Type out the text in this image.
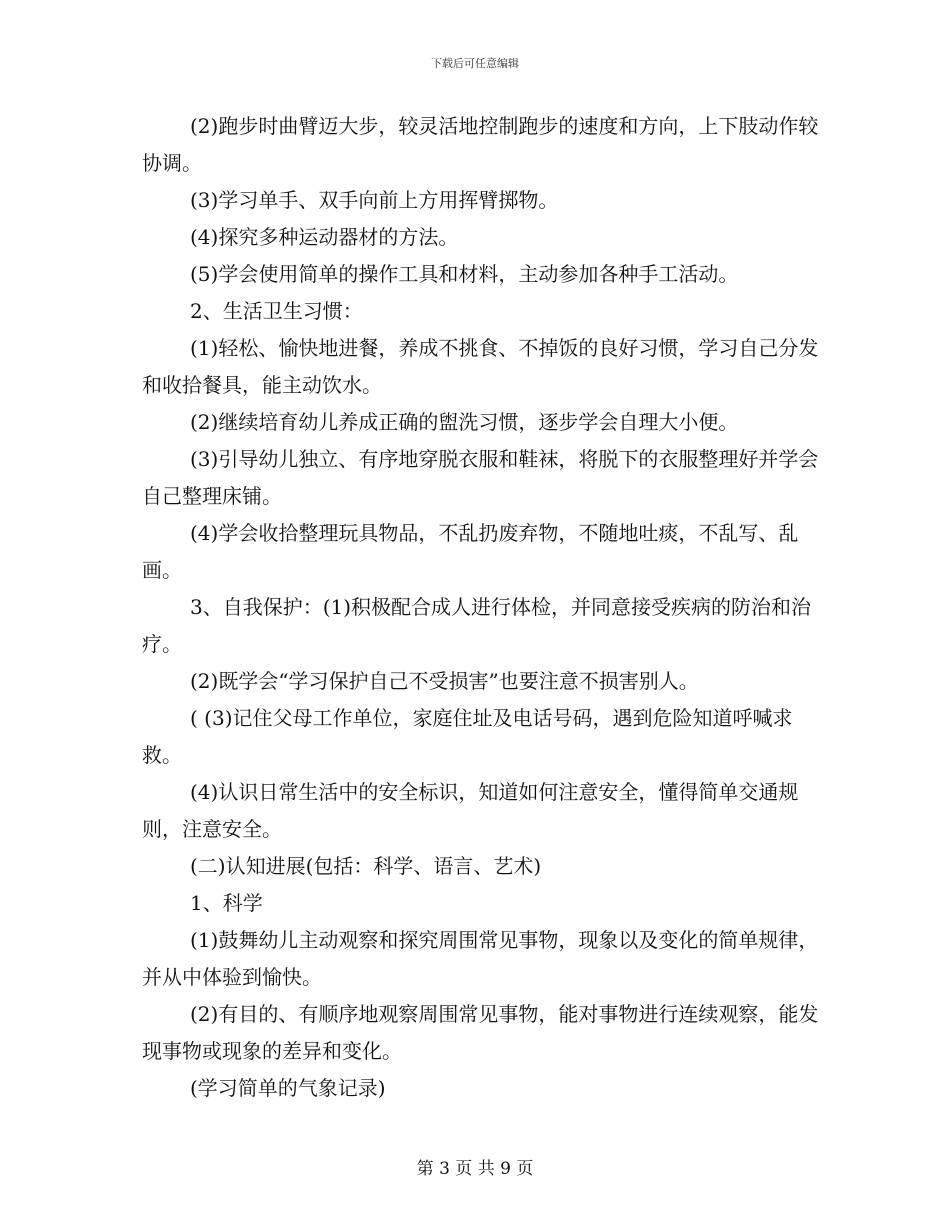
下载后可任意编辑

(2)跑步时曲臂迈大步，较灵活地控制跑步的速度和方向，上下肢动作较协调。

(3)学习单手、双手向前上方用挥臂掷物。

(4)探究多种运动器材的方法。

(5)学会使用简单的操作工具和材料，主动参加各种手工活动。

2、生活卫生习惯：

(1)轻松、愉快地进餐，养成不挑食、不掉饭的良好习惯，学习自己分发和收拾餐具，能主动饮水。

(2)继续培育幼儿养成正确的盥洗习惯，逐步学会自理大小便。

(3)引导幼儿独立、有序地穿脱衣服和鞋袜，将脱下的衣服整理好并学会自己整理床铺。

(4)学会收拾整理玩具物品，不乱扔废弃物，不随地吐痰，不乱写、乱画。

3、自我保护：(1)积极配合成人进行体检，并同意接受疾病的防治和治疗。

(2)既学会“学习保护自己不受损害”也要注意不损害别人。

( (3)记住父母工作单位，家庭住址及电话号码，遇到危险知道呼喊求救。

(4)认识日常生活中的安全标识，知道如何注意安全，懂得简单交通规则，注意安全。

(二)认知进展(包括：科学、语言、艺术)

1、科学

(1)鼓舞幼儿主动观察和探究周围常见事物，现象以及变化的简单规律，并从中体验到愉快。

(2)有目的、有顺序地观察周围常见事物，能对事物进行连续观察，能发现事物或现象的差异和变化。

(学习简单的气象记录)

第 3 页 共 9 页
